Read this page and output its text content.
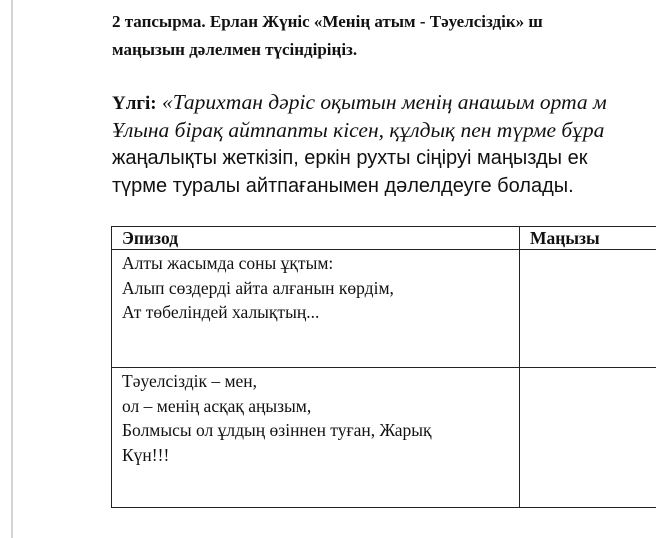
2 тапсырма. Ерлан Жүніс «Менің атым - Тәуелсіздік» ш
маңызын дәлелмен түсіндіріңіз.
Үлгі: «Тарихтан дәріс оқытын менің анашым орта м
Ұлына бірақ айтпапты кісен, құлдық пен түрме бұра
жаңалықты жеткізіп, еркін рухты сіңіруі маңызды ек
түрме туралы айтпағанымен дәлелдеуге болады.
Эпизод	Маңызы

Алты жасымда соны ұқтым:
Алып сөздерді айта алғанын көрдім,
Ат төбеліндей халықтың...	

Тәуелсіздік – мен,
ол – менің асқақ аңызым,
Болмысы ол ұлдың өзіннен туған, Жарық
Күн!!!	
